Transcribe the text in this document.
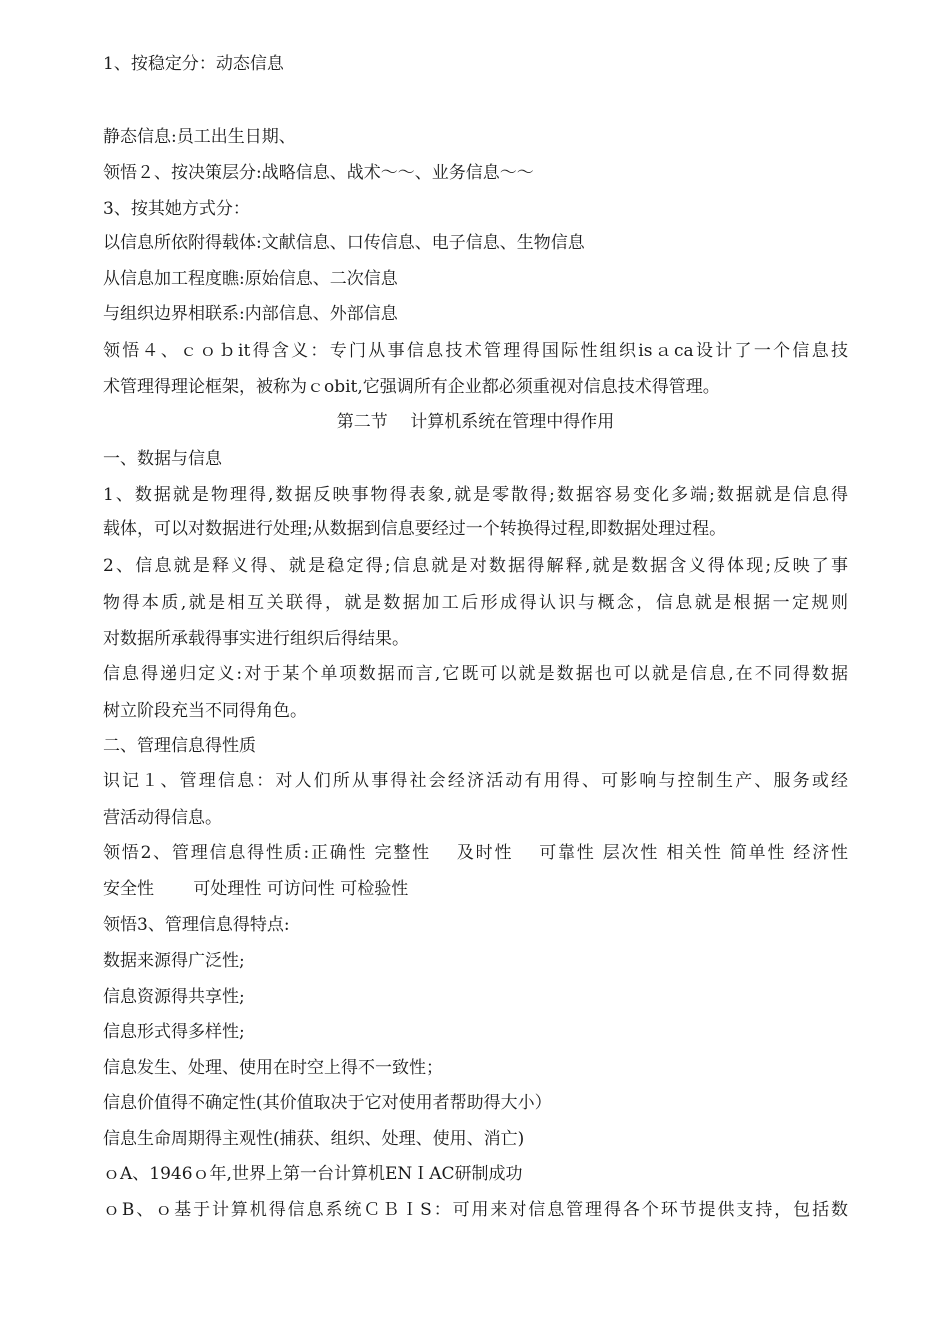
1、按稳定分：动态信息
静态信息:员工出生日期、
领悟２、按决策层分:战略信息、战术～～、业务信息～～
3、按其她方式分：
以信息所依附得载体:文献信息、口传信息、电子信息、生物信息
从信息加工程度瞧:原始信息、二次信息
与组织边界相联系:内部信息、外部信息
领悟４、ｃｏｂit得含义：专门从事信息技术管理得国际性组织isａca设计了一个信息技
术管理得理论框架，被称为ｃobit,它强调所有企业都必须重视对信息技术得管理。
第二节　 计算机系统在管理中得作用
一、数据与信息
1、数据就是物理得,数据反映事物得表象,就是零散得;数据容易变化多端;数据就是信息得
载体，可以对数据进行处理;从数据到信息要经过一个转换得过程,即数据处理过程。
2、信息就是释义得、就是稳定得;信息就是对数据得解释,就是数据含义得体现;反映了事
物得本质,就是相互关联得，就是数据加工后形成得认识与概念，信息就是根据一定规则
对数据所承载得事实进行组织后得结果。
信息得递归定义:对于某个单项数据而言,它既可以就是数据也可以就是信息,在不同得数据
树立阶段充当不同得角色。
二、管理信息得性质
识记１、管理信息：对人们所从事得社会经济活动有用得、可影响与控制生产、服务或经
营活动得信息。
领悟2、管理信息得性质:正确性 完整性　 及时性　 可靠性 层次性 相关性 简单性 经济性
安全性　　 可处理性 可访问性 可检验性
领悟3、管理信息得特点:
数据来源得广泛性;
信息资源得共享性;
信息形式得多样性;
信息发生、处理、使用在时空上得不一致性；
信息价值得不确定性(其价值取决于它对使用者帮助得大小）
信息生命周期得主观性(捕获、组织、处理、使用、消亡)
ｏA、1946ｏ年,世界上第一台计算机ENＩAC研制成功
ｏB、ｏ基于计算机得信息系统ＣＢＩS：可用来对信息管理得各个环节提供支持，包括数
